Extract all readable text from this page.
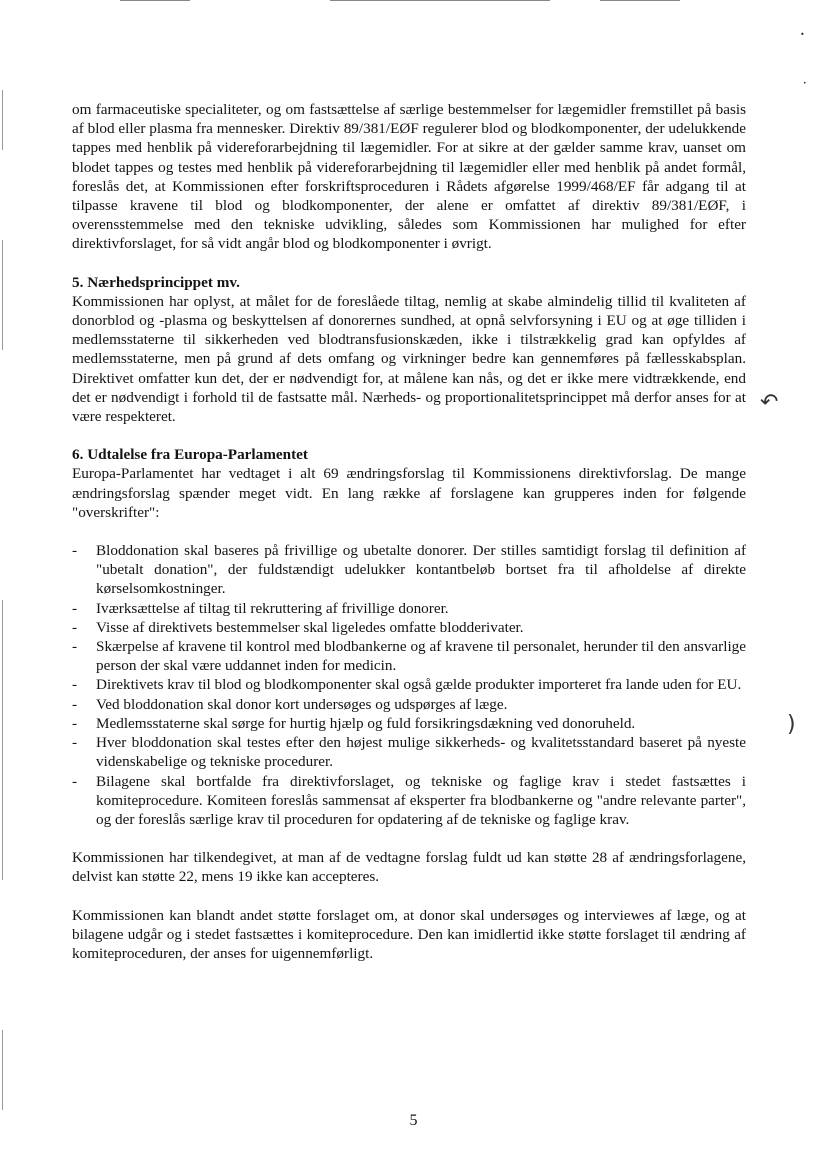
•
•
↶
)

om farmaceutiske specialiteter, og om fastsættelse af særlige bestemmelser for lægemidler fremstillet på basis af blod eller plasma fra mennesker. Direktiv 89/381/EØF regulerer blod og blodkomponenter, der udelukkende tappes med henblik på videreforarbejdning til lægemidler. For at sikre at der gælder samme krav, uanset om blodet tappes og testes med henblik på videreforarbejdning til lægemidler eller med henblik på andet formål, foreslås det, at Kommissionen efter forskriftsproceduren i Rådets afgørelse 1999/468/EF får adgang til at tilpasse kravene til blod og blodkomponenter, der alene er omfattet af direktiv 89/381/EØF, i overensstemmelse med den tekniske udvikling, således som Kommissionen har mulighed for efter direktivforslaget, for så vidt angår blod og blodkomponenter i øvrigt.

5. Nærhedsprincippet mv.

Kommissionen har oplyst, at målet for de foreslåede tiltag, nemlig at skabe almindelig tillid til kvaliteten af donorblod og -plasma og beskyttelsen af donorernes sundhed, at opnå selvforsyning i EU og at øge tilliden i medlemsstaterne til sikkerheden ved blodtransfusionskæden, ikke i tilstrækkelig grad kan opfyldes af medlemsstaterne, men på grund af dets omfang og virkninger bedre kan gennemføres på fællesskabsplan. Direktivet omfatter kun det, der er nødvendigt for, at målene kan nås, og det er ikke mere vidtrækkende, end det er nødvendigt i forhold til de fastsatte mål. Nærheds- og proportionalitetsprincippet må derfor anses for at være respekteret.

6. Udtalelse fra Europa-Parlamentet

Europa-Parlamentet har vedtaget i alt 69 ændringsforslag til Kommissionens direktivforslag. De mange ændringsforslag spænder meget vidt. En lang række af forslagene kan grupperes inden for følgende "overskrifter":

- Bloddonation skal baseres på frivillige og ubetalte donorer. Der stilles samtidigt forslag til definition af "ubetalt donation", der fuldstændigt udelukker kontantbeløb bortset fra til afholdelse af direkte kørselsomkostninger.
- Iværksættelse af tiltag til rekruttering af frivillige donorer.
- Visse af direktivets bestemmelser skal ligeledes omfatte blodderivater.
- Skærpelse af kravene til kontrol med blodbankerne og af kravene til personalet, herunder til den ansvarlige person der skal være uddannet inden for medicin.
- Direktivets krav til blod og blodkomponenter skal også gælde produkter importeret fra lande uden for EU.
- Ved bloddonation skal donor kort undersøges og udspørges af læge.
- Medlemsstaterne skal sørge for hurtig hjælp og fuld forsikringsdækning ved donoruheld.
- Hver bloddonation skal testes efter den højest mulige sikkerheds- og kvalitetsstandard baseret på nyeste videnskabelige og tekniske procedurer.
- Bilagene skal bortfalde fra direktivforslaget, og tekniske og faglige krav i stedet fastsættes i komiteprocedure. Komiteen foreslås sammensat af eksperter fra blodbankerne og "andre relevante parter", og der foreslås særlige krav til proceduren for opdatering af de tekniske og faglige krav.

Kommissionen har tilkendegivet, at man af de vedtagne forslag fuldt ud kan støtte 28 af ændringsforlagene, delvist kan støtte 22, mens 19 ikke kan accepteres.

Kommissionen kan blandt andet støtte forslaget om, at donor skal undersøges og interviewes af læge, og at bilagene udgår og i stedet fastsættes i komiteprocedure. Den kan imidlertid ikke støtte forslaget til ændring af komiteproceduren, der anses for uigennemførligt.

5
